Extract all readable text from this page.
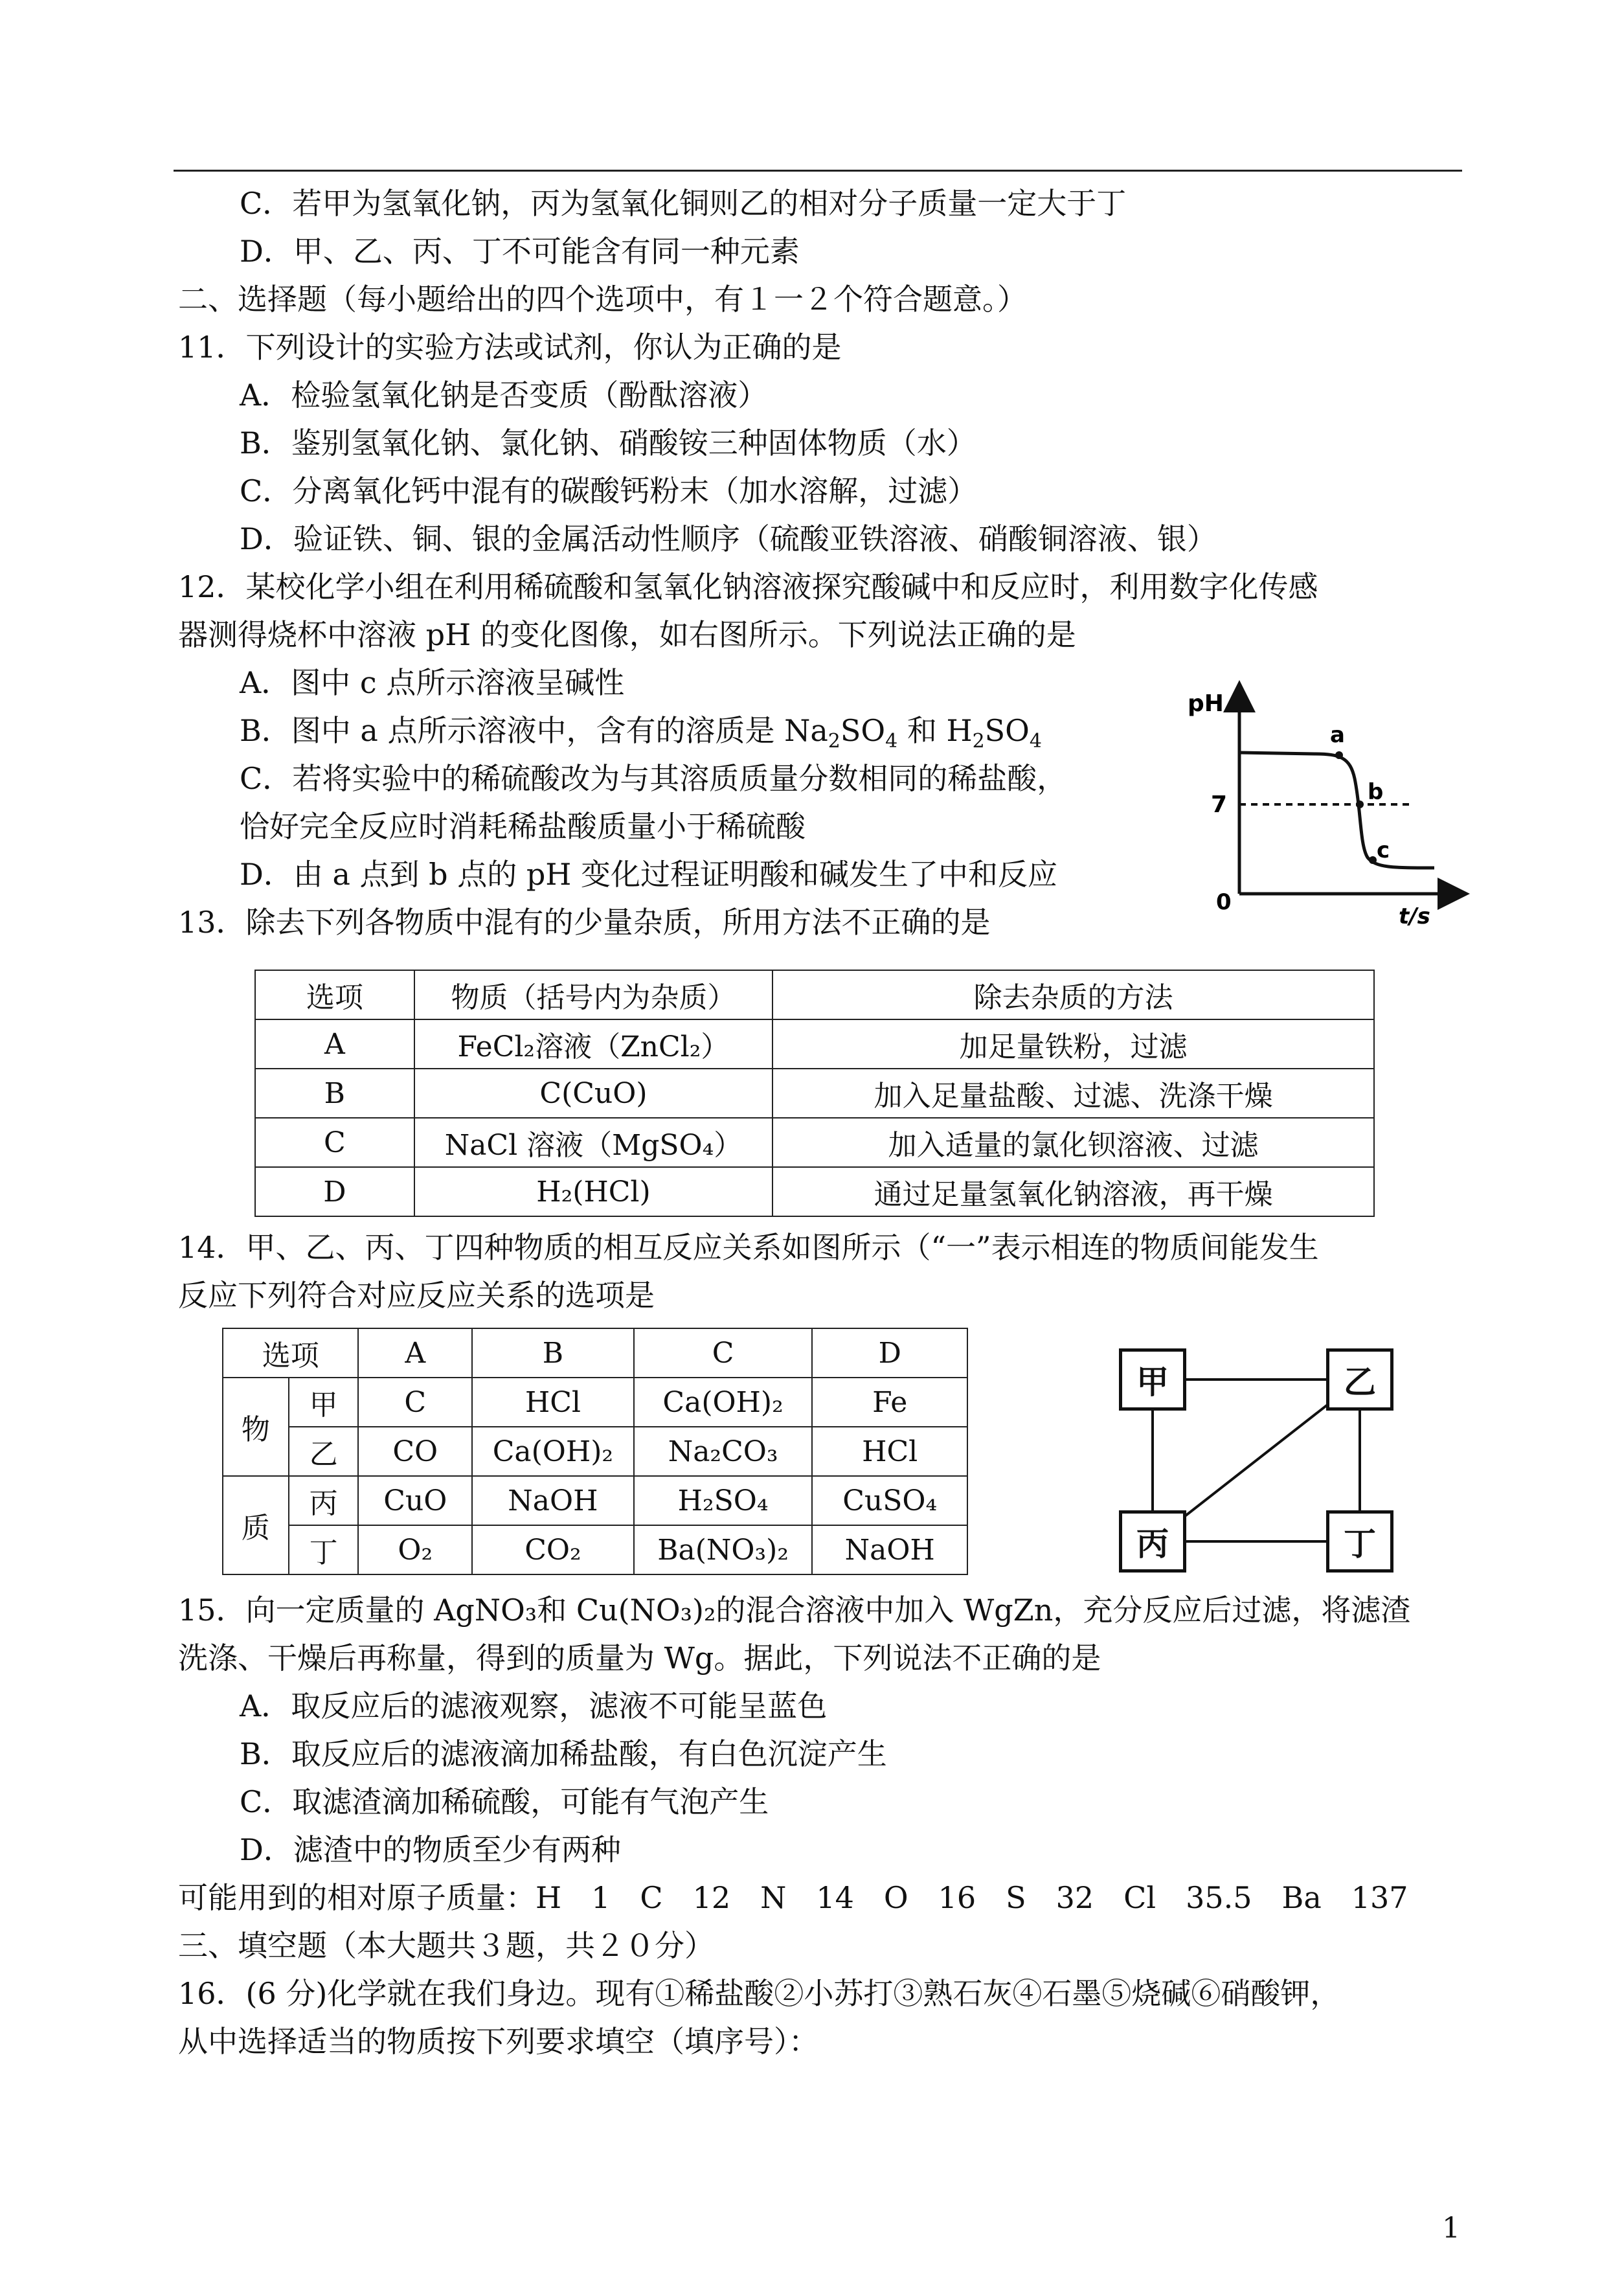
C．若甲为氢氧化钠，丙为氢氧化铜则乙的相对分子质量一定大于丁
D．甲、乙、丙、丁不可能含有同一种元素
二、选择题（每小题给出的四个选项中，有１一２个符合题意。）
11．下列设计的实验方法或试剂，你认为正确的是
A．检验氢氧化钠是否变质（酚酞溶液）
B．鉴别氢氧化钠、氯化钠、硝酸铵三种固体物质（水）
C．分离氧化钙中混有的碳酸钙粉末（加水溶解，过滤）
D．验证铁、铜、银的金属活动性顺序（硫酸亚铁溶液、硝酸铜溶液、银）
12．某校化学小组在利用稀硫酸和氢氧化钠溶液探究酸碱中和反应时，利用数字化传感
器测得烧杯中溶液 pH 的变化图像，如右图所示。下列说法正确的是
A．图中 c 点所示溶液呈碱性
B．图中 a 点所示溶液中，含有的溶质是 $Na_2SO_4$ 和 $H_2SO_4$
C．若将实验中的稀硫酸改为与其溶质质量分数相同的稀盐酸，
恰好完全反应时消耗稀盐酸质量小于稀硫酸
D．由 a 点到 b 点的 pH 变化过程证明酸和碱发生了中和反应
pH
t/s
0
7
a
b
c
13．除去下列各物质中混有的少量杂质，所用方法不正确的是
选项	物质（括号内为杂质）	除去杂质的方法
A	FeCl₂溶液（ZnCl₂）	加足量铁粉，过滤
B	C(CuO)	加入足量盐酸、过滤、洗涤干燥
C	NaCl 溶液（MgSO₄）	加入适量的氯化钡溶液、过滤
D	H₂(HCl)	通过足量氢氧化钠溶液，再干燥
14．甲、乙、丙、丁四种物质的相互反应关系如图所示（“一”表示相连的物质间能发生
反应下列符合对应反应关系的选项是
选项		A	B	C	D
物	甲	C	HCl	Ca(OH)₂	Fe
	乙	CO	Ca(OH)₂	Na₂CO₃	HCl
质	丙	CuO	NaOH	H₂SO₄	CuSO₄
	丁	O₂	CO₂	Ba(NO₃)₂	NaOH
甲	乙
丙	丁
15．向一定质量的 AgNO₃和 Cu(NO₃)₂的混合溶液中加入 WgZn，充分反应后过滤，将滤渣
洗涤、干燥后再称量，得到的质量为 Wg。据此，下列说法不正确的是
A．取反应后的滤液观察，滤液不可能呈蓝色
B．取反应后的滤液滴加稀盐酸，有白色沉淀产生
C．取滤渣滴加稀硫酸，可能有气泡产生
D．滤渣中的物质至少有两种
可能用到的相对原子质量：H　1　C　12　N　14　O　16　S　32　Cl　35.5　Ba　137
三、填空题（本大题共３题，共２０分）
16．(6 分)化学就在我们身边。现有①稀盐酸②小苏打③熟石灰④石墨⑤烧碱⑥硝酸钾，
从中选择适当的物质按下列要求填空（填序号）：
1
